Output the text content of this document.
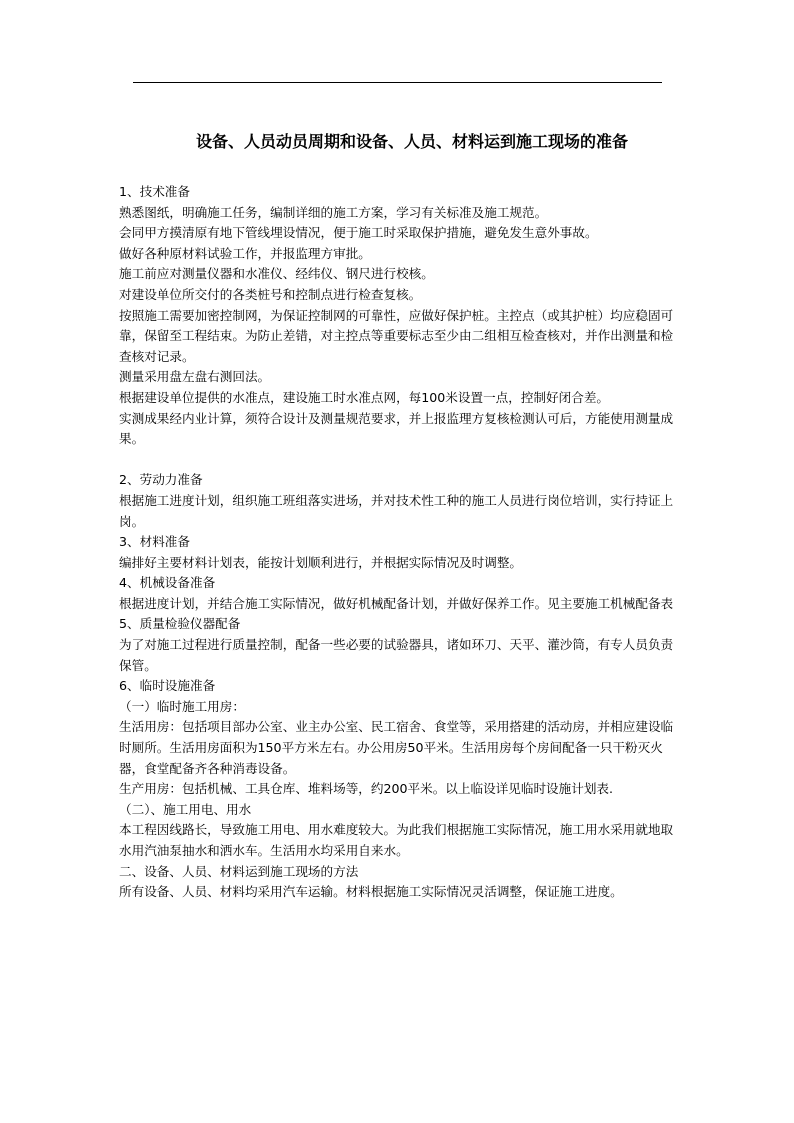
设备、人员动员周期和设备、人员、材料运到施工现场的准备

1、技术准备

熟悉图纸，明确施工任务，编制详细的施工方案，学习有关标准及施工规范。

会同甲方摸清原有地下管线埋设情况，便于施工时采取保护措施，避免发生意外事故。

做好各种原材料试验工作，并报监理方审批。

施工前应对测量仪器和水准仪、经纬仪、钢尺进行校核。

对建设单位所交付的各类桩号和控制点进行检查复核。

按照施工需要加密控制网，为保证控制网的可靠性，应做好保护桩。主控点（或其护桩）均应稳固可靠，保留至工程结束。为防止差错，对主控点等重要标志至少由二组相互检查核对，并作出测量和检查核对记录。

测量采用盘左盘右测回法。

根据建设单位提供的水准点，建设施工时水准点网，每100米设置一点，控制好闭合差。

实测成果经内业计算，须符合设计及测量规范要求，并上报监理方复核检测认可后，方能使用测量成果。

2、劳动力准备

根据施工进度计划，组织施工班组落实进场，并对技术性工种的施工人员进行岗位培训，实行持证上岗。

3、材料准备

编排好主要材料计划表，能按计划顺利进行，并根据实际情况及时调整。

4、机械设备准备

根据进度计划，并结合施工实际情况，做好机械配备计划，并做好保养工作。见主要施工机械配备表

5、质量检验仪器配备

为了对施工过程进行质量控制，配备一些必要的试验器具，诸如环刀、天平、灌沙筒，有专人员负责保管。

6、临时设施准备

（一）临时施工用房：

生活用房：包括项目部办公室、业主办公室、民工宿舍、食堂等，采用搭建的活动房，并相应建设临时厕所。生活用房面积为150平方米左右。办公用房50平米。生活用房每个房间配备一只干粉灭火器，食堂配备齐各种消毒设备。

生产用房：包括机械、工具仓库、堆料场等，约200平米。以上临设详见临时设施计划表.

（二）、施工用电、用水

本工程因线路长，导致施工用电、用水难度较大。为此我们根据施工实际情况，施工用水采用就地取水用汽油泵抽水和洒水车。生活用水均采用自来水。

二、设备、人员、材料运到施工现场的方法

所有设备、人员、材料均采用汽车运输。材料根据施工实际情况灵活调整，保证施工进度。
